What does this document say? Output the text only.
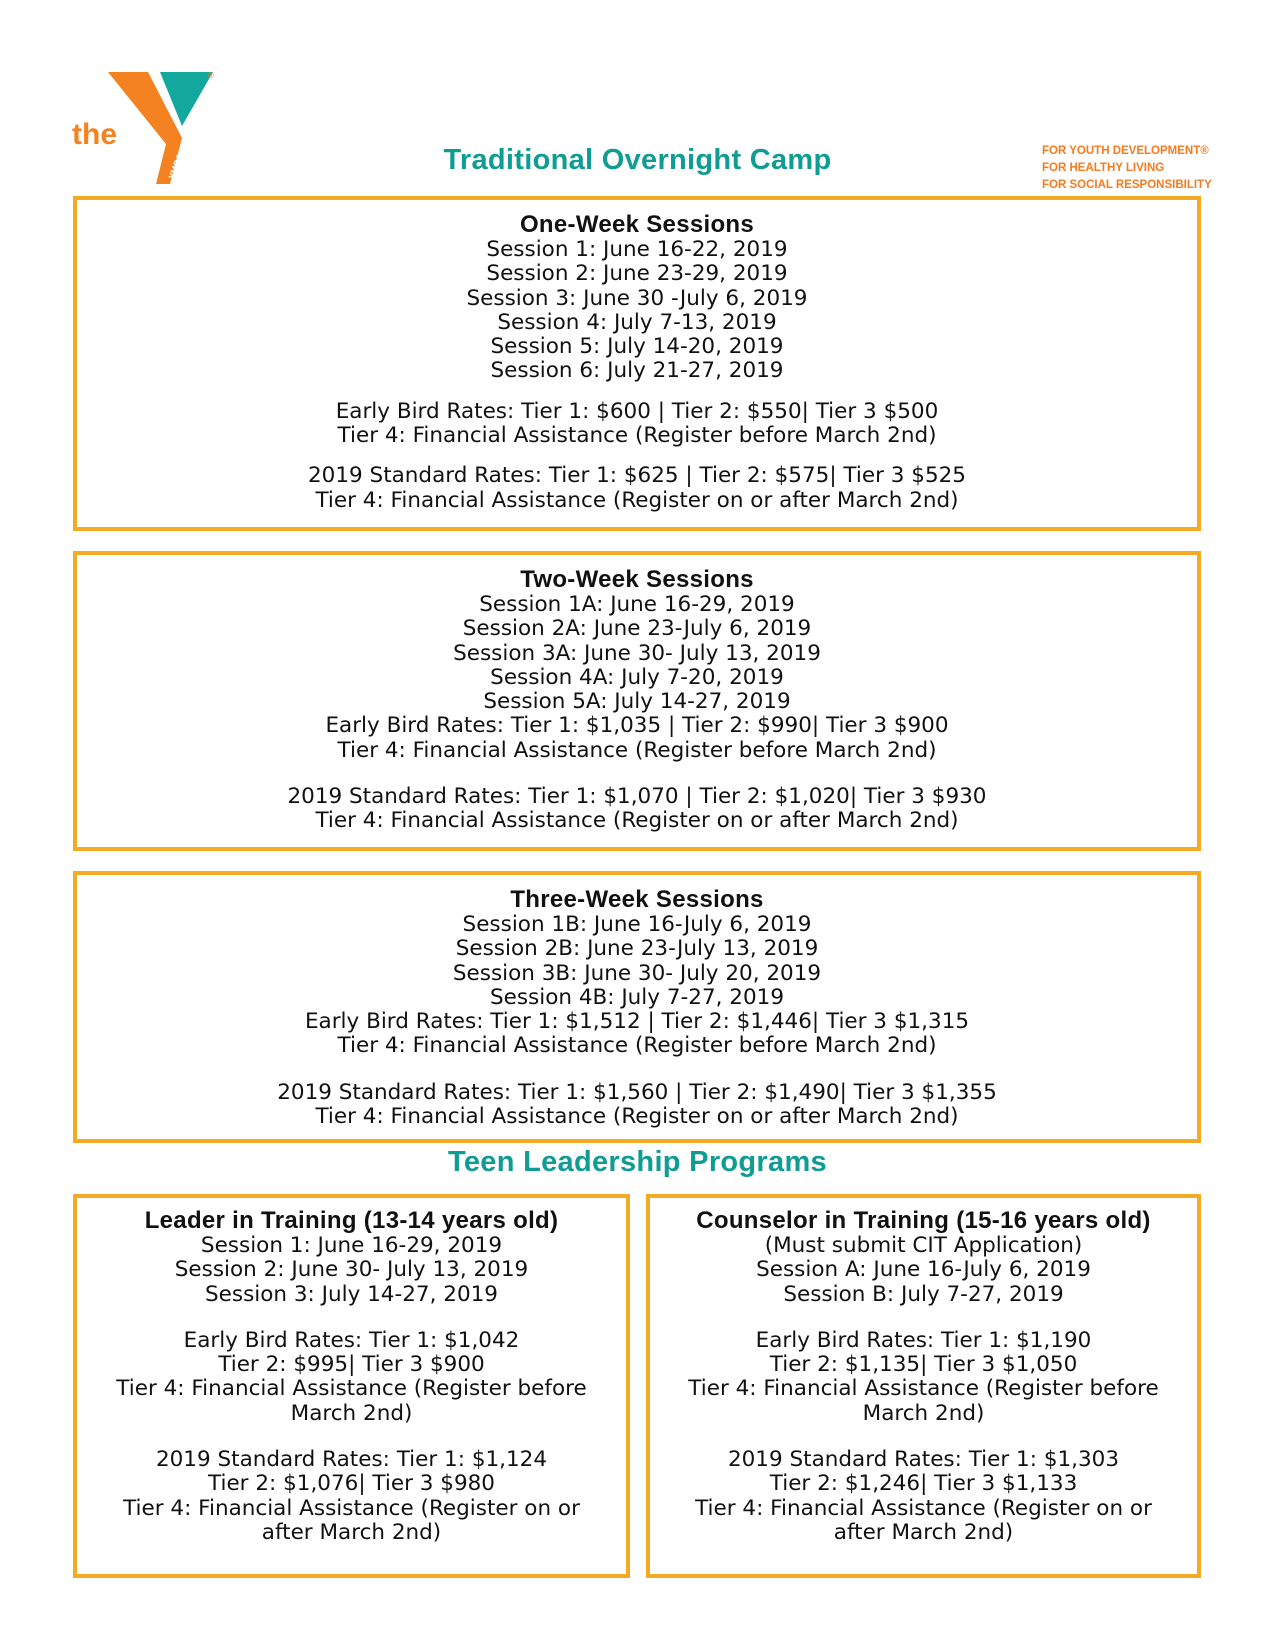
the
YMCA
®
FOR YOUTH DEVELOPMENT®
FOR HEALTHY LIVING
FOR SOCIAL RESPONSIBILITY
Traditional Overnight Camp
One-Week Sessions
Session 1: June 16-22, 2019
Session 2: June 23-29, 2019
Session 3: June 30 -July 6, 2019
Session 4: July 7-13, 2019
Session 5: July 14-20, 2019
Session 6: July 21-27, 2019
Early Bird Rates: Tier 1: $600 | Tier 2: $550| Tier 3 $500
Tier 4: Financial Assistance (Register before March 2nd)
2019 Standard Rates: Tier 1: $625 | Tier 2: $575| Tier 3 $525
Tier 4: Financial Assistance (Register on or after March 2nd)
Two-Week Sessions
Session 1A: June 16-29, 2019
Session 2A: June 23-July 6, 2019
Session 3A: June 30- July 13, 2019
Session 4A: July 7-20, 2019
Session 5A: July 14-27, 2019
Early Bird Rates: Tier 1: $1,035 | Tier 2: $990| Tier 3 $900
Tier 4: Financial Assistance (Register before March 2nd)
2019 Standard Rates: Tier 1: $1,070 | Tier 2: $1,020| Tier 3 $930
Tier 4: Financial Assistance (Register on or after March 2nd)
Three-Week Sessions
Session 1B: June 16-July 6, 2019
Session 2B: June 23-July 13, 2019
Session 3B: June 30- July 20, 2019
Session 4B: July 7-27, 2019
Early Bird Rates: Tier 1: $1,512 | Tier 2: $1,446| Tier 3 $1,315
Tier 4: Financial Assistance (Register before March 2nd)
2019 Standard Rates: Tier 1: $1,560 | Tier 2: $1,490| Tier 3 $1,355
Tier 4: Financial Assistance (Register on or after March 2nd)
Teen Leadership Programs
Leader in Training (13-14 years old)
Session 1: June 16-29, 2019
Session 2: June 30- July 13, 2019
Session 3: July 14-27, 2019
Early Bird Rates: Tier 1: $1,042
Tier 2: $995| Tier 3 $900
Tier 4: Financial Assistance (Register before
March 2nd)
2019 Standard Rates: Tier 1: $1,124
Tier 2: $1,076| Tier 3 $980
Tier 4: Financial Assistance (Register on or
after March 2nd)
Counselor in Training (15-16 years old)
(Must submit CIT Application)
Session A: June 16-July 6, 2019
Session B: July 7-27, 2019
Early Bird Rates: Tier 1: $1,190
Tier 2: $1,135| Tier 3 $1,050
Tier 4: Financial Assistance (Register before
March 2nd)
2019 Standard Rates: Tier 1: $1,303
Tier 2: $1,246| Tier 3 $1,133
Tier 4: Financial Assistance (Register on or
after March 2nd)
